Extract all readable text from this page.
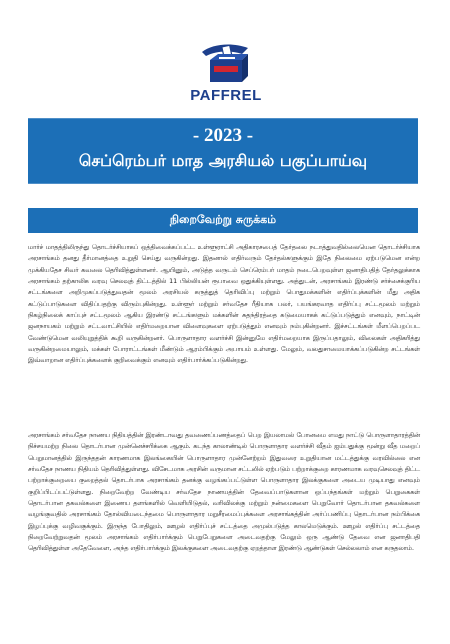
PAFFREL
- 2023 -
செப்ரெம்பர் மாத அரசியல் பகுப்பாய்வு
நிறைவேற்று சுருக்கம்
மார்ச் மாதத்திலிருந்து தொடர்ச்சியாகப் ஒத்திவைக்கப்பட்ட உள்ளூராட்சி அதிகாரசபைத் தேர்தலை நடாத்துவதில்லையென தொடர்ச்சியாக அரசாங்கம் தனது தீர்மானத்தை உறுதி செய்து வருகின்றது. இதனால் எதிர்வரும் தேர்தல்களுக்கும் இதே நிலைமை ஏற்படுமென என்ற முக்கியதேச சிவர் கவலை தெரிவித்துள்ளனர். ஆயினும், அடுத்த வருடம் செப்ரெம்பர் மாதம் நடைபெறவுள்ள ஜனாதிபதித் தேர்தலுக்காக அரசாங்கம் தற்காலிக வரவு செலவுத் திட்டத்தில் 11 பில்லியன் ரூபாவை ஒதுக்கியுள்ளது. அத்துடன், அரசாங்கம் இரண்டு சர்ச்சைக்குரிய சட்டங்களை அறிமுகப்படுத்துவதன் மூலம் அரசியல் கருத்துத் தெரிவிப்பு மற்றும் பொதுமக்களின் எதிர்ப்புக்களின் மீது அதிக கட்டுப்பாடுகளை விதிப்பதற்கு விரும்புகின்றது. உள்ளூர் மற்றும் சர்வதேச ரீதியாக பலர், பயங்கரவாத எதிர்ப்பு சட்டமூலம் மற்றும் நிகழ்நிலைக் காப்புச் சட்டமூலம் ஆகிய இரண்டு சட்டங்களும் மக்களின் சுதந்திரத்தை கடுமையாகக் கட்டுப்படுத்தும் எனவும், நாட்டின் ஜனநாயகம் மற்றும் சட்டவாட்சியில் எதிர்மறையான விளைவுகளை ஏற்படுத்தும் எனவும் நம்புகின்றனர். இச்சட்டங்கள் மீளப்பெறப்பட வேண்டுமென வலியுறுத்திக் கூறி வருகின்றனர். பொருளாதார வளர்ச்சி இன்னுமே எதிர்மறையாக இருப்பதாலும், விலைகள் அதிகரித்து வருகின்றமையாலும், மக்கள் போராட்டங்கள் மீண்டும் ஆரம்பிக்கும் அபாயம் உள்ளது. மேலும், வலதுசாமையாக்கப்படுகின்ற சட்டங்கள் இவ்வாறான எதிர்ப்புக்களைக் குறிவைக்கும் எனவும் எதிர்பார்க்கப்படுகின்றது.
அரசாங்கம் சர்வதேச நாணய நிதியத்தின் இரண்டாவது தவணைப்பணத்தைப் பெற இயலாமல் போனமை எமது நாட்டு பொருளாதாரத்தின் நிச்சயமற்ற நிலை தொடர்பான முன்னெச்சரிக்கை ஆகும். கடந்த காலாண்டில் பொருளாதார வளர்ச்சி வீதம் ஐம்பதுக்கு மூன்று வீத மறைப் பெறுமானத்தில் இருந்ததன் காரணமாக இலங்கையின் பொருளாதார முன்னேற்றம் இதுவரை உறுதியான மட்டத்துக்கு வரவில்லை என சர்வதேச நாணய நிதியம் தெரிவித்துள்ளது. விசேடமாக அரசின் வருமான சட்டலில் ஏற்படும் பற்றாக்குறை காரணமாக வரவுசெலவுத் திட்ட பற்றாக்குறையை குறைத்தல் தொடர்பாக அரசாங்கம் தனக்கு வழங்கப்பட்டுள்ள பொருளாதார இலக்குகளை அடைய முடியாது எனவும் குறிப்பிடப்பட்டுள்ளது. நிறைவேற்ற வேண்டிய சர்வதேச நாணயத்தின் தேவைப்பாடுகளான ஒப்பந்தங்கள் மற்றும் பெறுகைகள் தொடர்பான தகவல்களை இணைய தளங்களில் வெளியிடுதல், வரிவிலக்கு மற்றும் நன்மைகளை பெறுவோர் தொடர்பான தகவல்களை வழங்குவதில் அரசாங்கம் தோல்வியடைந்தமை பொருளாதார மறுசீரமைப்புக்களை அரசாங்கத்தின் அர்ப்பணிப்பு தொடர்பான நம்பிக்கை இழப்புக்கு வழிவகுக்கும். இருந்த போதிலும், ஊழல் எதிர்ப்புச் சட்டத்தை அமுல்படுத்த காலமெடுக்கும். ஊழல் எதிர்ப்பு சட்டத்தை நிறைவேற்றுவதன் மூலம் அரசாங்கம் எதிர்பார்க்கும் பெறுபேறுகளை அடைவதற்கு மேலும் ஒரு ஆண்டு தேவை என ஜனாதிபதி தெரிவித்துள்ள அதேவேளை, அந்த எதிர்பார்க்கும் இலக்குகளை அடைவதற்கு ஏறத்தாள இரண்டு ஆண்டுகள் செல்லலாம் என கருதலாம்.
